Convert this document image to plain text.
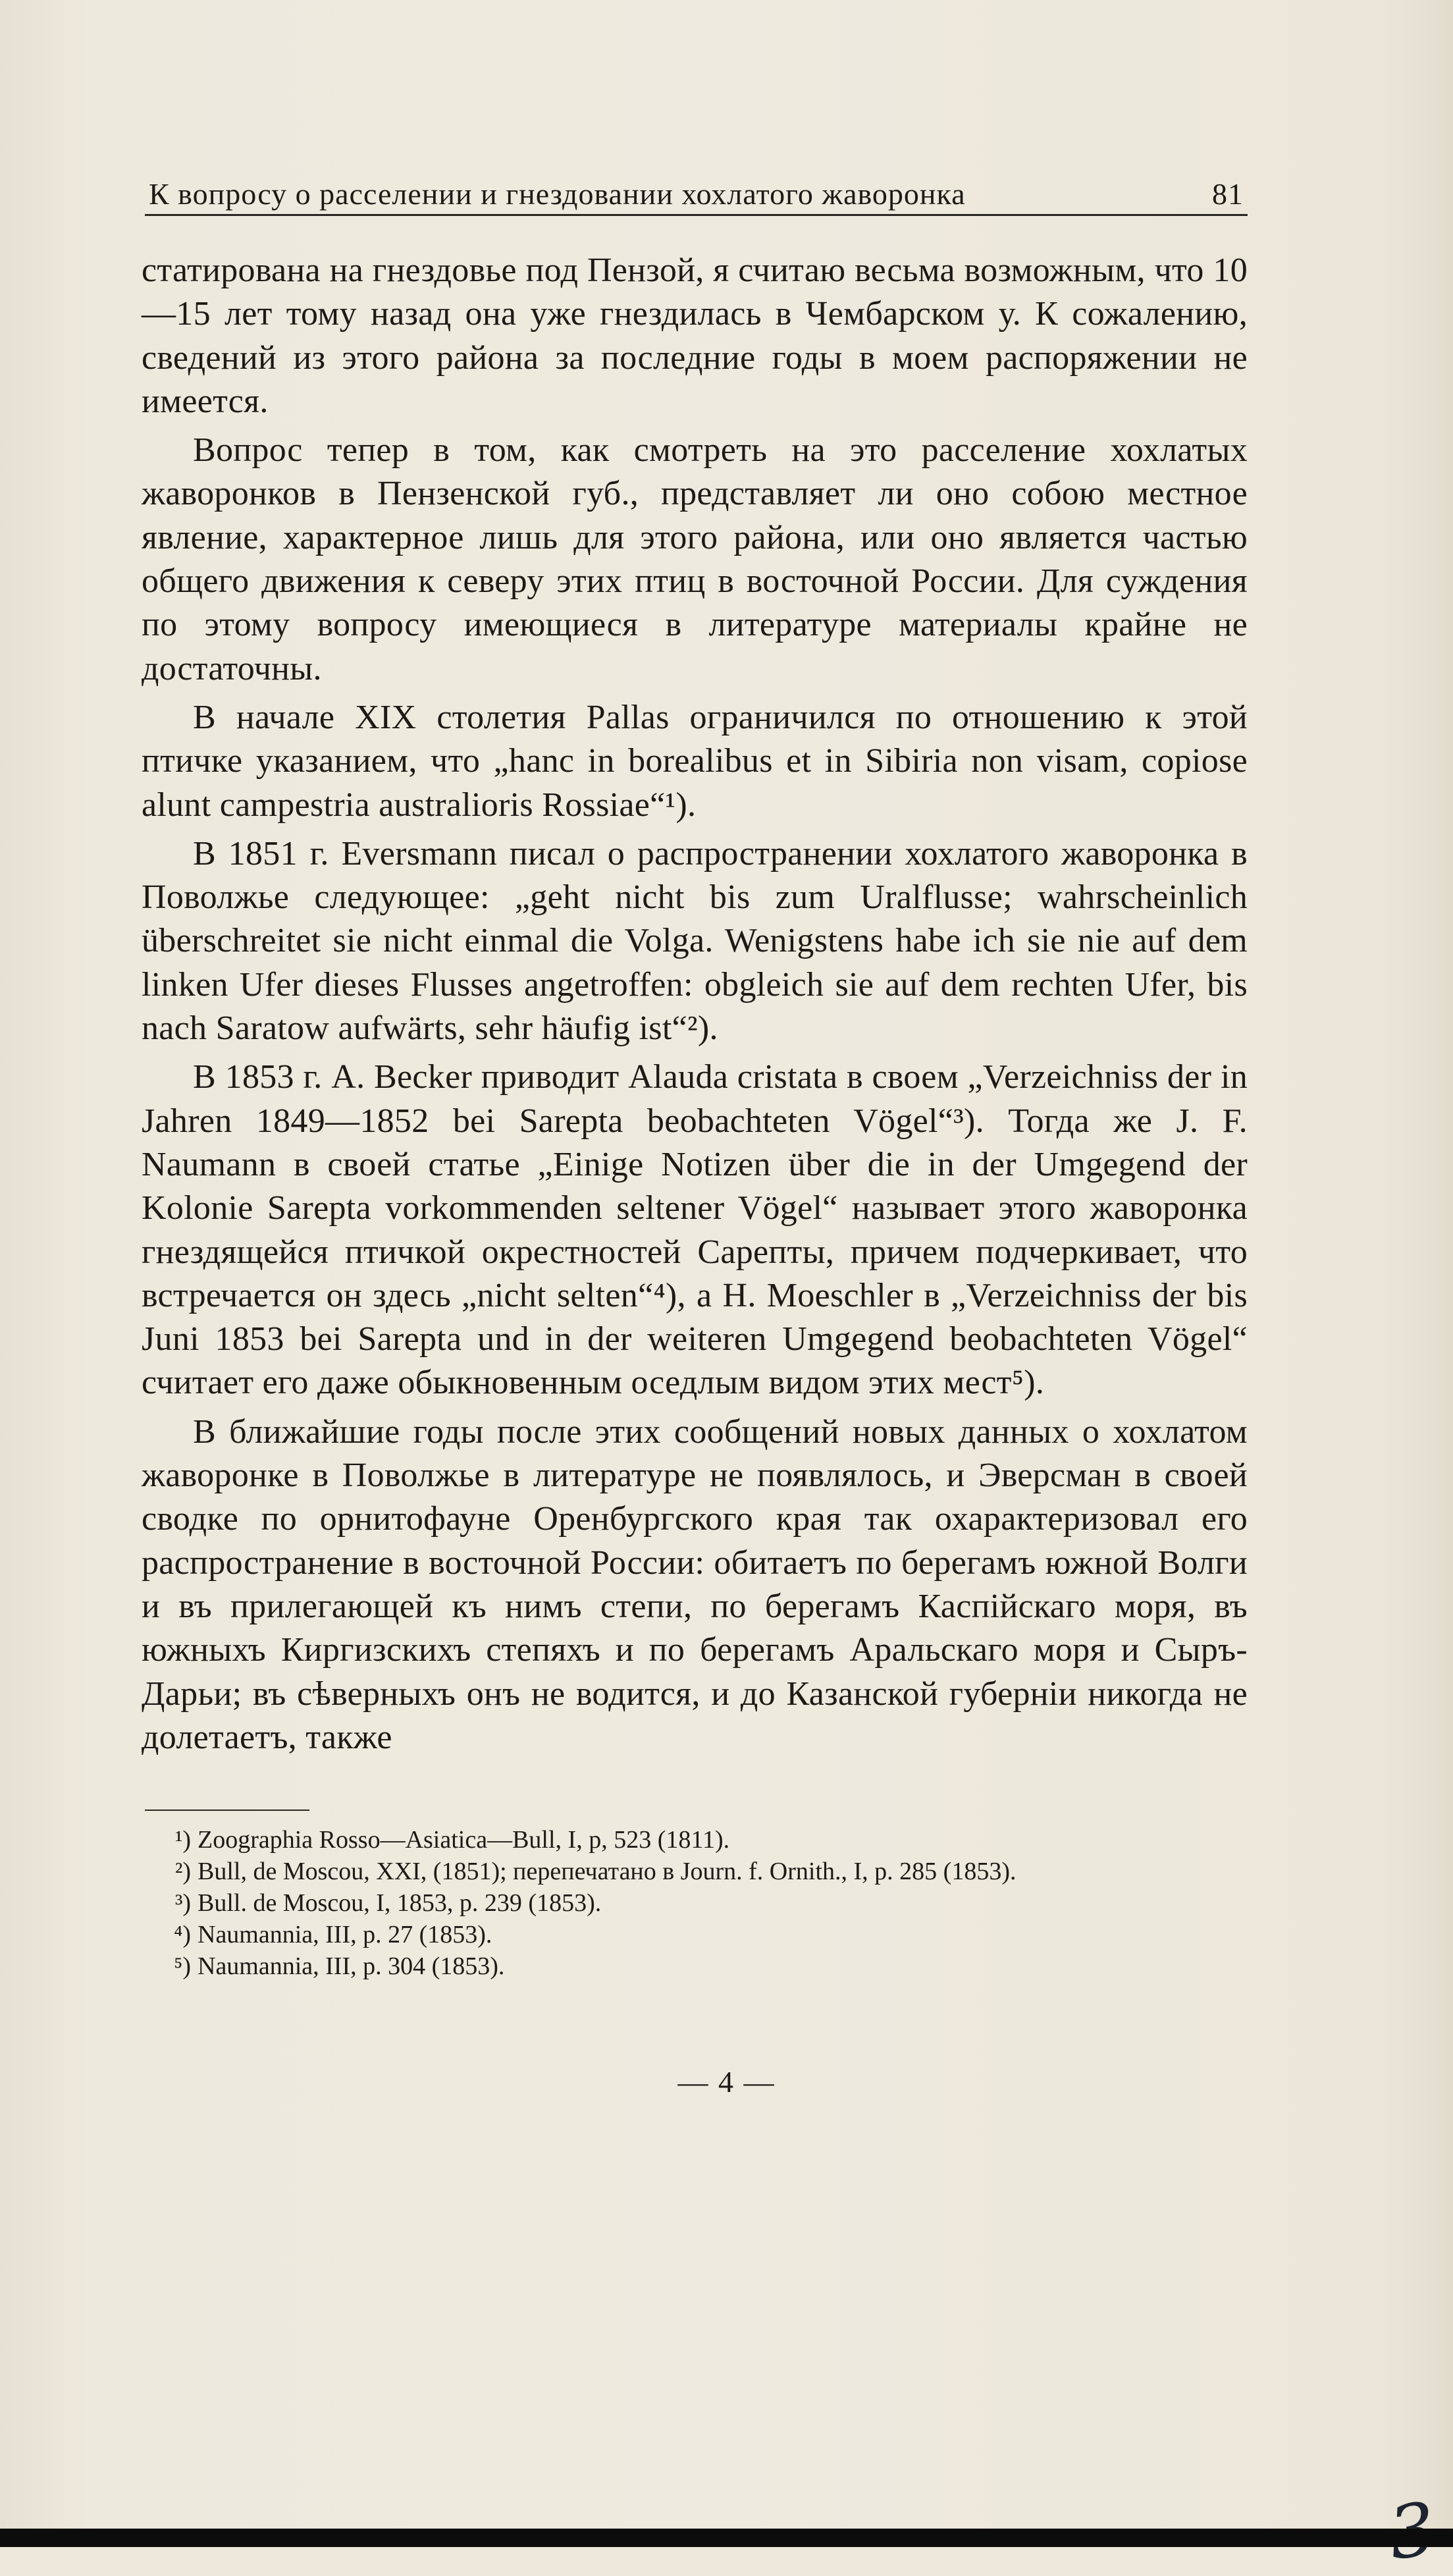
К вопросу о расселении и гнездовании хохлатого жаворонка	81

статирована на гнездовье под Пензой, я считаю весьма возможным, что 10—15 лет тому назад она уже гнездилась в Чембарском у. К сожалению, сведений из этого района за последние годы в моем распоряжении не имеется.

Вопрос тепер в том, как смотреть на это расселение хохлатых жаворонков в Пензенской губ., представляет ли оно собою местное явление, характерное лишь для этого района, или оно является частью общего движения к северу этих птиц в восточной России. Для суждения по этому вопросу имеющиеся в литературе материалы крайне не достаточны.

В начале XIX столетия Pallas ограничился по отношению к этой птичке указанием, что „hanc in borealibus et in Sibiria non visam, copiose alunt campestria australioris Rossiae“¹).

В 1851 г. Eversmann писал о распространении хохлатого жаворонка в Поволжье следующее: „geht nicht bis zum Uralflusse; wahrscheinlich überschreitet sie nicht einmal die Volga. Wenigstens habe ich sie nie auf dem linken Ufer dieses Flusses angetroffen: obgleich sie auf dem rechten Ufer, bis nach Saratow aufwärts, sehr häufig ist“²).

В 1853 г. А. Becker приводит Alauda cristata в своем „Verzeichniss der in Jahren 1849—1852 bei Sarepta beobachteten Vögel“³). Тогда же J. F. Naumann в своей статье „Einige Notizen über die in der Umgegend der Kolonie Sarepta vorkommenden seltener Vögel“ называет этого жаворонка гнездящейся птичкой окрестностей Сарепты, причем подчеркивает, что встречается он здесь „nicht selten“⁴), а H. Moeschler в „Verzeichniss der bis Juni 1853 bei Sarepta und in der weiteren Umgegend beobachteten Vögel“ считает его даже обыкновенным оседлым видом этих мест⁵).

В ближайшие годы после этих сообщений новых данных о хохлатом жаворонке в Поволжье в литературе не появлялось, и Эверсман в своей сводке по орнитофауне Оренбургского края так охарактеризовал его распространение в восточной России: обитаетъ по берегамъ южной Волги и въ прилегающей къ нимъ степи, по берегамъ Каспійскаго моря, въ южныхъ Киргизскихъ степяхъ и по берегамъ Аральскаго моря и Сыръ-Дарьи; въ сѣверныхъ онъ не водится, и до Казанской губерніи никогда не долетаетъ, также

¹) Zoographia Rosso—Asiatica—Bull, I, p, 523 (1811).

²) Bull, de Moscou, XXI, (1851); перепечатано в Journ. f. Ornith., I, p. 285 (1853).

³) Bull. de Moscou, I, 1853, p. 239 (1853).

⁴) Naumannia, III, p. 27 (1853).

⁵) Naumannia, III, p. 304 (1853).

— 4 —
